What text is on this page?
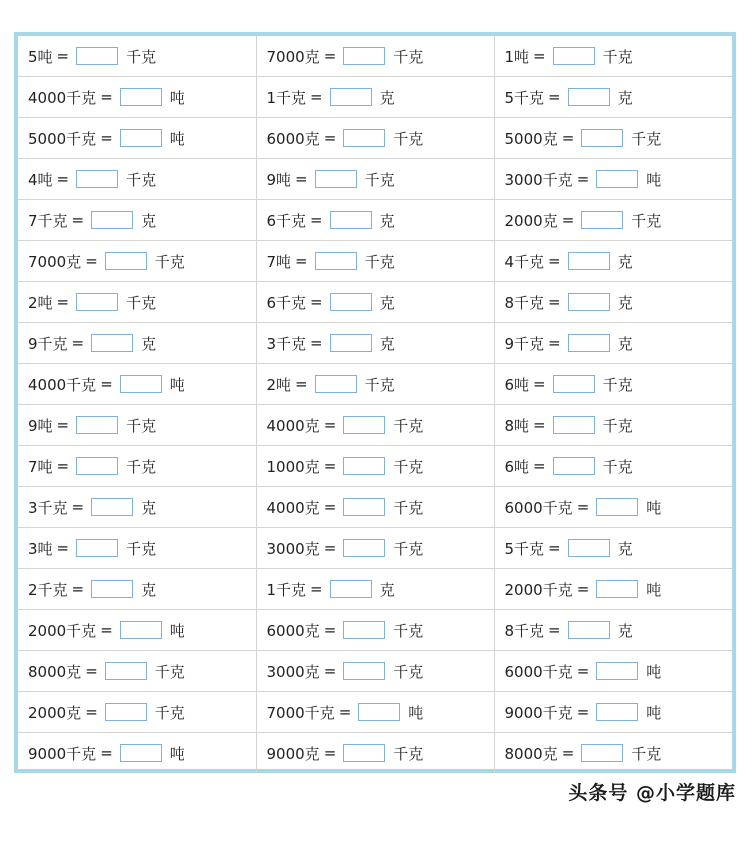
5吨 = 千克	7000克 = 千克	1吨 = 千克
4000千克 = 吨	1千克 = 克	5千克 = 克
5000千克 = 吨	6000克 = 千克	5000克 = 千克
4吨 = 千克	9吨 = 千克	3000千克 = 吨
7千克 = 克	6千克 = 克	2000克 = 千克
7000克 = 千克	7吨 = 千克	4千克 = 克
2吨 = 千克	6千克 = 克	8千克 = 克
9千克 = 克	3千克 = 克	9千克 = 克
4000千克 = 吨	2吨 = 千克	6吨 = 千克
9吨 = 千克	4000克 = 千克	8吨 = 千克
7吨 = 千克	1000克 = 千克	6吨 = 千克
3千克 = 克	4000克 = 千克	6000千克 = 吨
3吨 = 千克	3000克 = 千克	5千克 = 克
2千克 = 克	1千克 = 克	2000千克 = 吨
2000千克 = 吨	6000克 = 千克	8千克 = 克
8000克 = 千克	3000克 = 千克	6000千克 = 吨
2000克 = 千克	7000千克 = 吨	9000千克 = 吨
9000千克 = 吨	9000克 = 千克	8000克 = 千克
头条号 @小学题库
